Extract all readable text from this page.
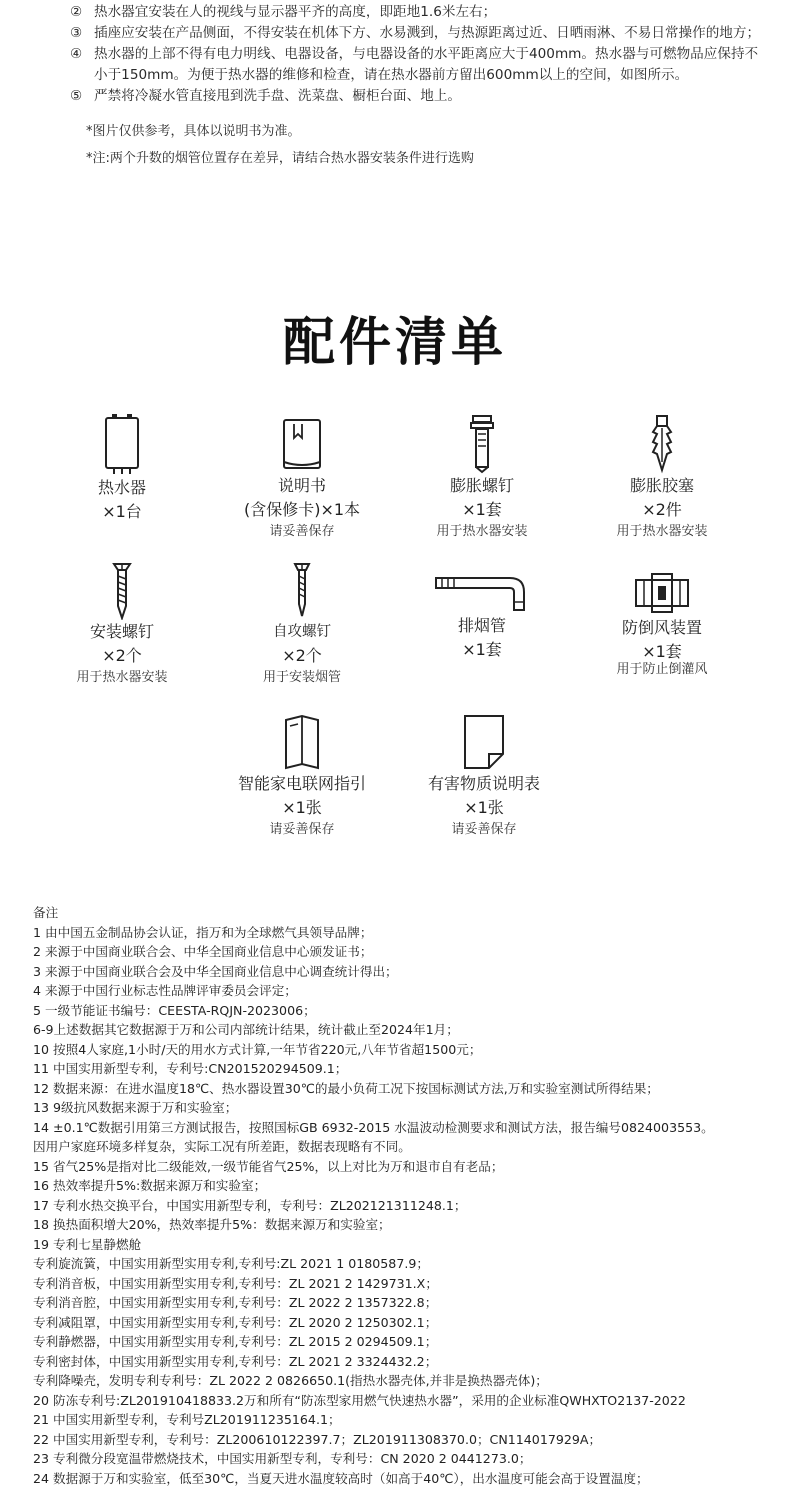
② 热水器宜安装在人的视线与显示器平齐的高度，即距地1.6米左右；
③ 插座应安装在产品侧面，不得安装在机体下方、水易溅到，与热源距离过近、日晒雨淋、不易日常操作的地方；
④ 热水器的上部不得有电力明线、电器设备，与电器设备的水平距离应大于400mm。热水器与可燃物品应保持不小于150mm。为便于热水器的维修和检查，请在热水器前方留出600mm以上的空间，如图所示。
⑤ 严禁将冷凝水管直接甩到洗手盘、洗菜盘、橱柜台面、地上。
*图片仅供参考，具体以说明书为准。
*注:两个升数的烟管位置存在差异，请结合热水器安装条件进行选购
配件清单
热水器
×1台
说明书
(含保修卡)×1本
请妥善保存
膨胀螺钉
×1套
用于热水器安装
膨胀胶塞
×2件
用于热水器安装
安装螺钉
×2个
用于热水器安装
自攻螺钉
×2个
用于安装烟管
排烟管
×1套
防倒风装置
×1套
用于防止倒灌风
智能家电联网指引
×1张
请妥善保存
有害物质说明表
×1张
请妥善保存
备注
1 由中国五金制品协会认证，指万和为全球燃气具领导品牌；
2 来源于中国商业联合会、中华全国商业信息中心颁发证书；
3 来源于中国商业联合会及中华全国商业信息中心调查统计得出；
4 来源于中国行业标志性品牌评审委员会评定；
5 一级节能证书编号：CEESTA-RQJN-2023006；
6-9上述数据其它数据源于万和公司内部统计结果，统计截止至2024年1月；
10 按照4人家庭,1小时/天的用水方式计算,一年节省220元,八年节省超1500元；
11 中国实用新型专利，专利号:CN201520294509.1；
12 数据来源：在进水温度18℃、热水器设置30℃的最小负荷工况下按国标测试方法,万和实验室测试所得结果；
13 9级抗风数据来源于万和实验室；
14 ±0.1℃数据引用第三方测试报告，按照国标GB 6932-2015 水温波动检测要求和测试方法，报告编号0824003553。
因用户家庭环境多样复杂，实际工况有所差距，数据表现略有不同。
15 省气25%是指对比二级能效,一级节能省气25%，以上对比为万和退市自有老品；
16 热效率提升5%:数据来源万和实验室；
17 专利水热交换平台，中国实用新型专利，专利号：ZL202121311248.1；
18 换热面积增大20%，热效率提升5%：数据来源万和实验室；
19 专利七星静燃舱
专利旋流簧，中国实用新型实用专利,专利号:ZL 2021 1 0180587.9；
专利消音板，中国实用新型实用专利,专利号：ZL 2021 2 1429731.X；
专利消音腔，中国实用新型实用专利,专利号：ZL 2022 2 1357322.8；
专利减阻罩，中国实用新型实用专利,专利号：ZL 2020 2 1250302.1；
专利静燃器，中国实用新型实用专利,专利号：ZL 2015 2 0294509.1；
专利密封体，中国实用新型实用专利,专利号：ZL 2021 2 3324432.2；
专利降噪壳，发明专利专利号：ZL 2022 2 0826650.1(指热水器壳体,并非是换热器壳体)；
20 防冻专利号:ZL201910418833.2万和所有“防冻型家用燃气快速热水器”，采用的企业标准QWHXTO2137-2022
21 中国实用新型专利，专利号ZL201911235164.1；
22 中国实用新型专利，专利号：ZL200610122397.7；ZL201911308370.0；CN114017929A；
23 专利微分段宽温带燃烧技术，中国实用新型专利，专利号：CN 2020 2 0441273.0；
24 数据源于万和实验室，低至30℃，当夏天进水温度较高时（如高于40℃），出水温度可能会高于设置温度；
